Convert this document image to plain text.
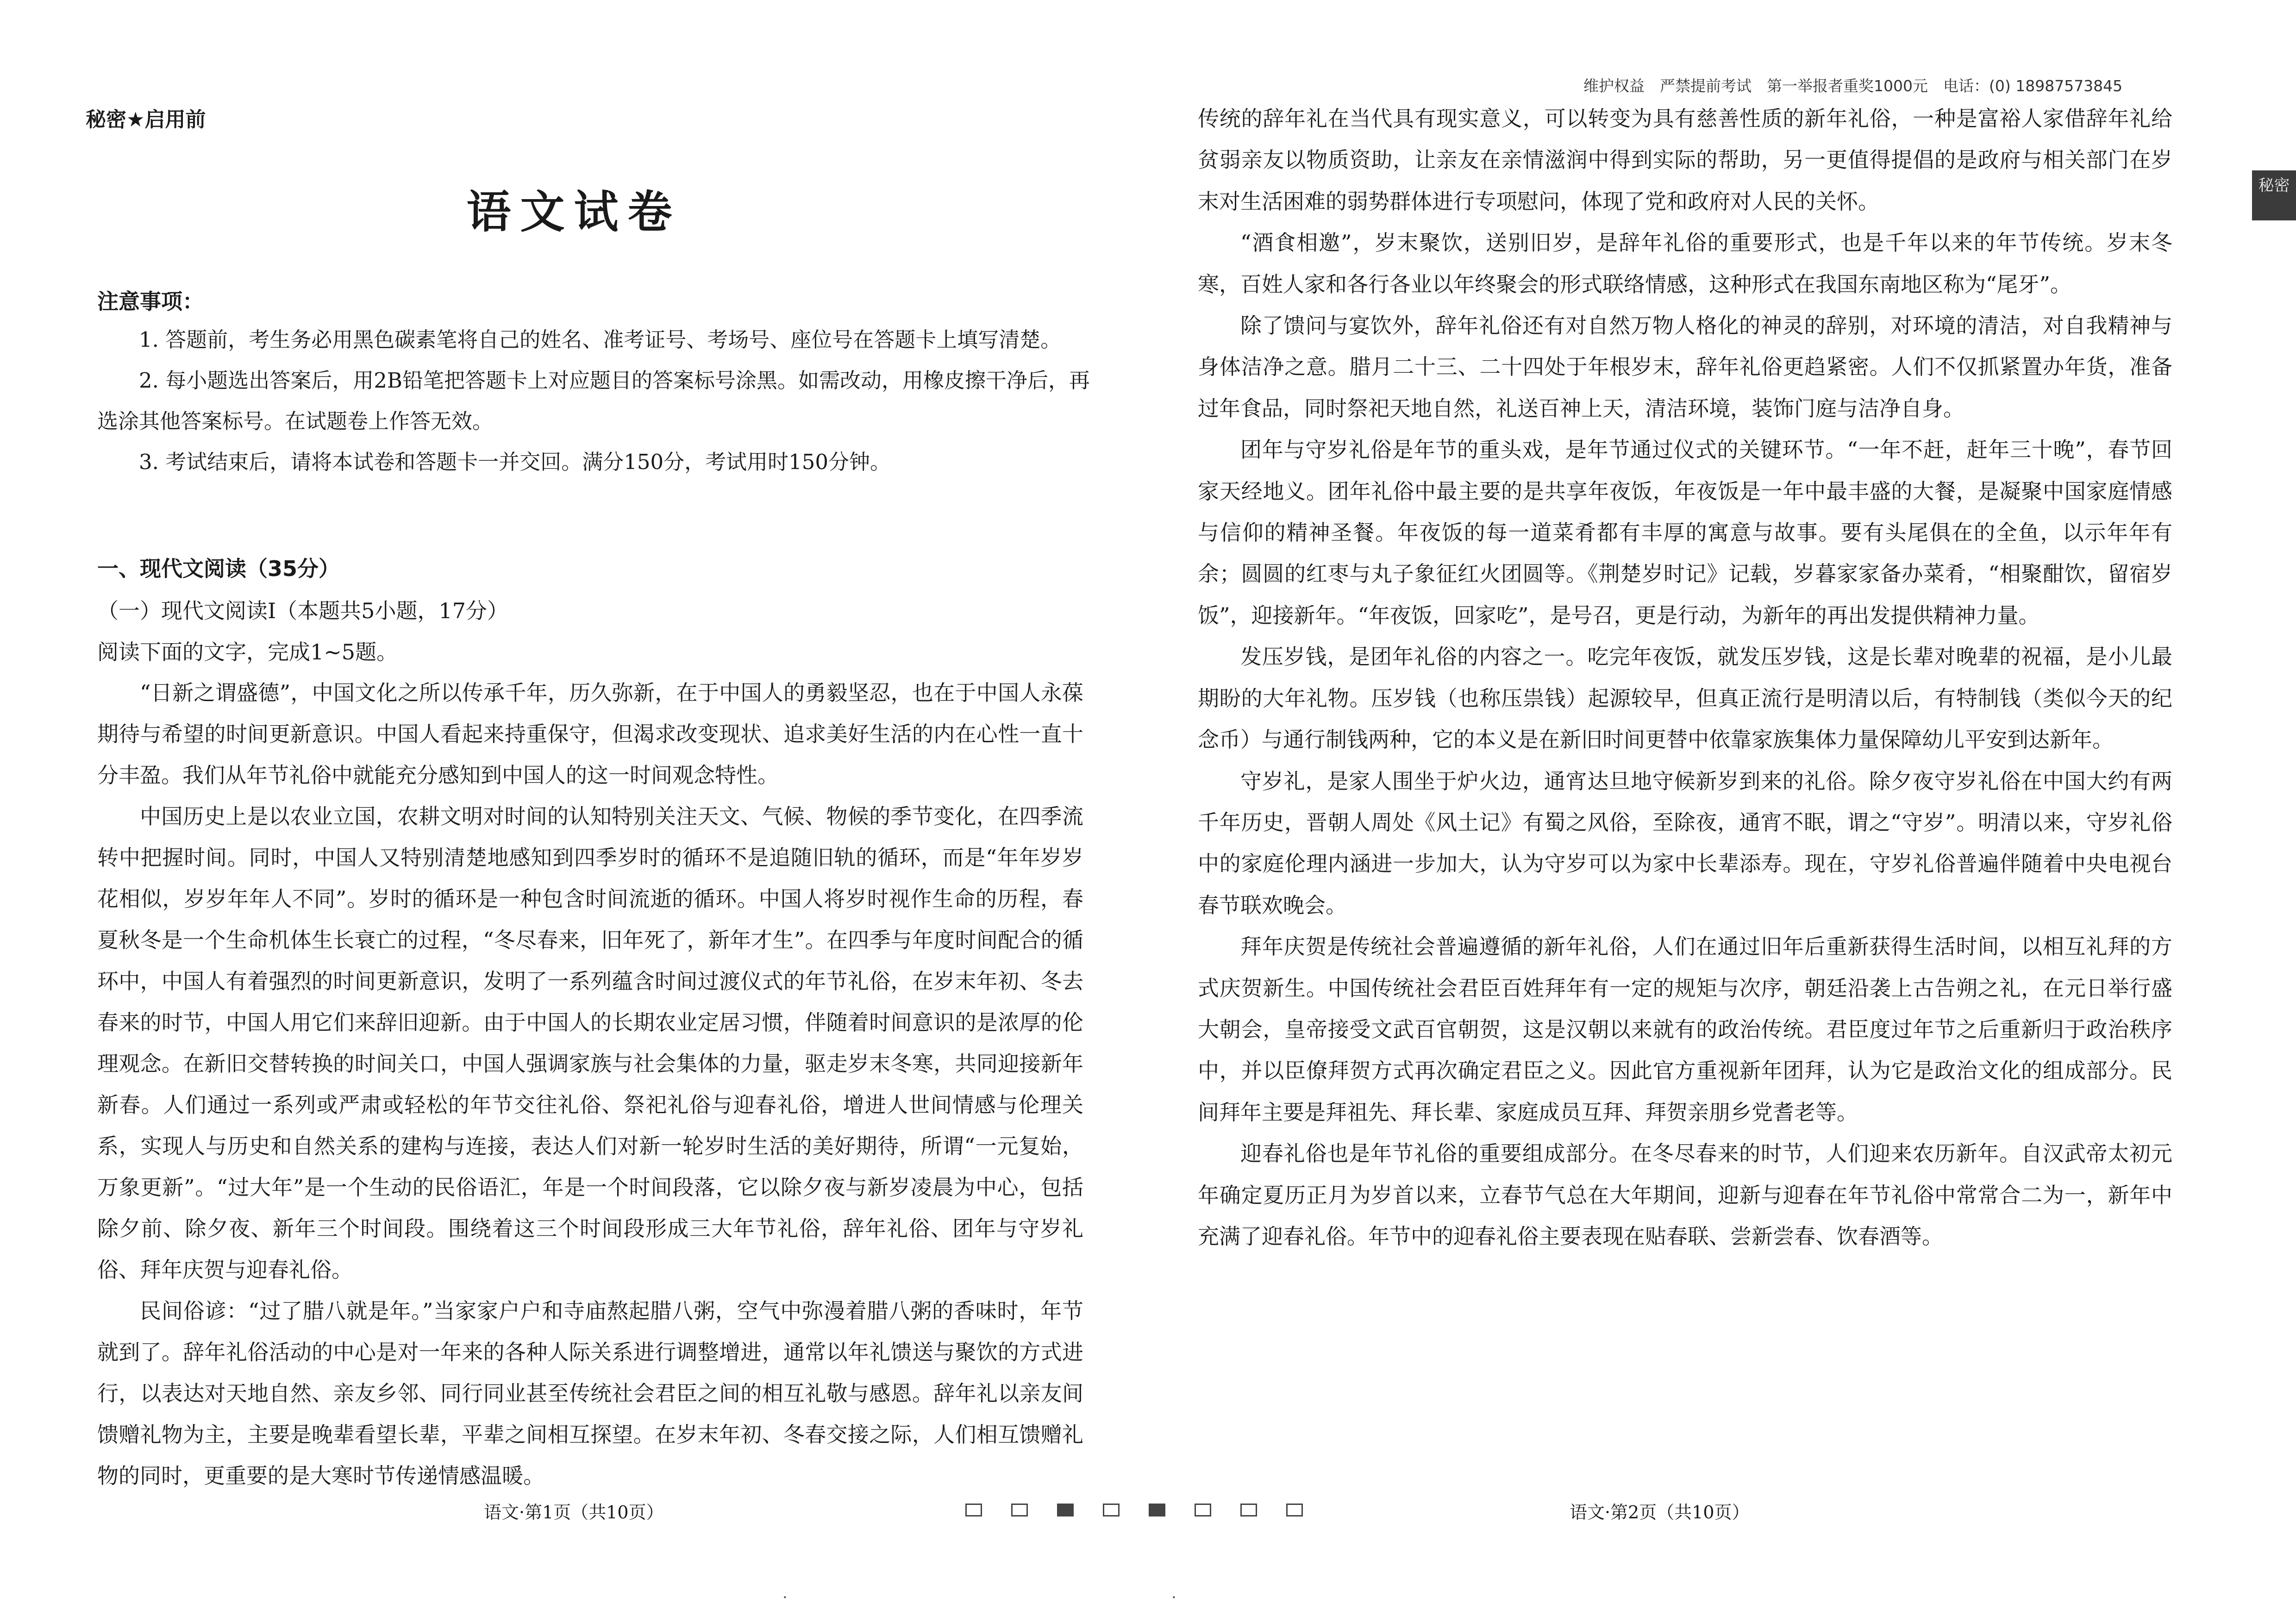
秘密★启用前
语文试卷
注意事项：

1. 答题前，考生务必用黑色碳素笔将自己的姓名、准考证号、考场号、座位号在答题卡上填写清楚。

2. 每小题选出答案后，用2B铅笔把答题卡上对应题目的答案标号涂黑。如需改动，用橡皮擦干净后，再选涂其他答案标号。在试题卷上作答无效。

3. 考试结束后，请将本试卷和答题卡一并交回。满分150分，考试用时150分钟。

一、现代文阅读（35分）
（一）现代文阅读Ⅰ（本题共5小题，17分）
阅读下面的文字，完成1~5题。

“日新之谓盛德”，中国文化之所以传承千年，历久弥新，在于中国人的勇毅坚忍，也在于中国人永葆期待与希望的时间更新意识。中国人看起来持重保守，但渴求改变现状、追求美好生活的内在心性一直十分丰盈。我们从年节礼俗中就能充分感知到中国人的这一时间观念特性。

中国历史上是以农业立国，农耕文明对时间的认知特别关注天文、气候、物候的季节变化，在四季流转中把握时间。同时，中国人又特别清楚地感知到四季岁时的循环不是追随旧轨的循环，而是“年年岁岁花相似，岁岁年年人不同”。岁时的循环是一种包含时间流逝的循环。中国人将岁时视作生命的历程，春夏秋冬是一个生命机体生长衰亡的过程，“冬尽春来，旧年死了，新年才生”。在四季与年度时间配合的循环中，中国人有着强烈的时间更新意识，发明了一系列蕴含时间过渡仪式的年节礼俗，在岁末年初、冬去春来的时节，中国人用它们来辞旧迎新。由于中国人的长期农业定居习惯，伴随着时间意识的是浓厚的伦理观念。在新旧交替转换的时间关口，中国人强调家族与社会集体的力量，驱走岁末冬寒，共同迎接新年新春。人们通过一系列或严肃或轻松的年节交往礼俗、祭祀礼俗与迎春礼俗，增进人世间情感与伦理关系，实现人与历史和自然关系的建构与连接，表达人们对新一轮岁时生活的美好期待，所谓“一元复始，万象更新”。“过大年”是一个生动的民俗语汇，年是一个时间段落，它以除夕夜与新岁凌晨为中心，包括除夕前、除夕夜、新年三个时间段。围绕着这三个时间段形成三大年节礼俗，辞年礼俗、团年与守岁礼俗、拜年庆贺与迎春礼俗。

民间俗谚：“过了腊八就是年。”当家家户户和寺庙熬起腊八粥，空气中弥漫着腊八粥的香味时，年节就到了。辞年礼俗活动的中心是对一年来的各种人际关系进行调整增进，通常以年礼馈送与聚饮的方式进行，以表达对天地自然、亲友乡邻、同行同业甚至传统社会君臣之间的相互礼敬与感恩。辞年礼以亲友间馈赠礼物为主，主要是晚辈看望长辈，平辈之间相互探望。在岁末年初、冬春交接之际，人们相互馈赠礼物的同时，更重要的是大寒时节传递情感温暖。

语文·第1页（共10页）

传统的辞年礼在当代具有现实意义，可以转变为具有慈善性质的新年礼俗，一种是富裕人家借辞年礼给贫弱亲友以物质资助，让亲友在亲情滋润中得到实际的帮助，另一更值得提倡的是政府与相关部门在岁末对生活困难的弱势群体进行专项慰问，体现了党和政府对人民的关怀。

“酒食相邀”，岁末聚饮，送别旧岁，是辞年礼俗的重要形式，也是千年以来的年节传统。岁末冬寒，百姓人家和各行各业以年终聚会的形式联络情感，这种形式在我国东南地区称为“尾牙”。

除了馈问与宴饮外，辞年礼俗还有对自然万物人格化的神灵的辞别，对环境的清洁，对自我精神与身体洁净之意。腊月二十三、二十四处于年根岁末，辞年礼俗更趋紧密。人们不仅抓紧置办年货，准备过年食品，同时祭祀天地自然，礼送百神上天，清洁环境，装饰门庭与洁净自身。

团年与守岁礼俗是年节的重头戏，是年节通过仪式的关键环节。“一年不赶，赶年三十晚”，春节回家天经地义。团年礼俗中最主要的是共享年夜饭，年夜饭是一年中最丰盛的大餐，是凝聚中国家庭情感与信仰的精神圣餐。年夜饭的每一道菜肴都有丰厚的寓意与故事。要有头尾俱在的全鱼，以示年年有余；圆圆的红枣与丸子象征红火团圆等。《荆楚岁时记》记载，岁暮家家备办菜肴，“相聚酣饮，留宿岁饭”，迎接新年。“年夜饭，回家吃”，是号召，更是行动，为新年的再出发提供精神力量。

发压岁钱，是团年礼俗的内容之一。吃完年夜饭，就发压岁钱，这是长辈对晚辈的祝福，是小儿最期盼的大年礼物。压岁钱（也称压祟钱）起源较早，但真正流行是明清以后，有特制钱（类似今天的纪念币）与通行制钱两种，它的本义是在新旧时间更替中依靠家族集体力量保障幼儿平安到达新年。

守岁礼，是家人围坐于炉火边，通宵达旦地守候新岁到来的礼俗。除夕夜守岁礼俗在中国大约有两千年历史，晋朝人周处《风土记》有蜀之风俗，至除夜，通宵不眠，谓之“守岁”。明清以来，守岁礼俗中的家庭伦理内涵进一步加大，认为守岁可以为家中长辈添寿。现在，守岁礼俗普遍伴随着中央电视台春节联欢晚会。

拜年庆贺是传统社会普遍遵循的新年礼俗，人们在通过旧年后重新获得生活时间，以相互礼拜的方式庆贺新生。中国传统社会君臣百姓拜年有一定的规矩与次序，朝廷沿袭上古告朔之礼，在元日举行盛大朝会，皇帝接受文武百官朝贺，这是汉朝以来就有的政治传统。君臣度过年节之后重新归于政治秩序中，并以臣僚拜贺方式再次确定君臣之义。因此官方重视新年团拜，认为它是政治文化的组成部分。民间拜年主要是拜祖先、拜长辈、家庭成员互拜、拜贺亲朋乡党耆老等。

迎春礼俗也是年节礼俗的重要组成部分。在冬尽春来的时节，人们迎来农历新年。自汉武帝太初元年确定夏历正月为岁首以来，立春节气总在大年期间，迎新与迎春在年节礼俗中常常合二为一，新年中充满了迎春礼俗。年节中的迎春礼俗主要表现在贴春联、尝新尝春、饮春酒等。

语文·第2页（共10页）
维护权益　严禁提前考试　第一举报者重奖1000元　电话：(0) 18987573845
秘密
·	·
